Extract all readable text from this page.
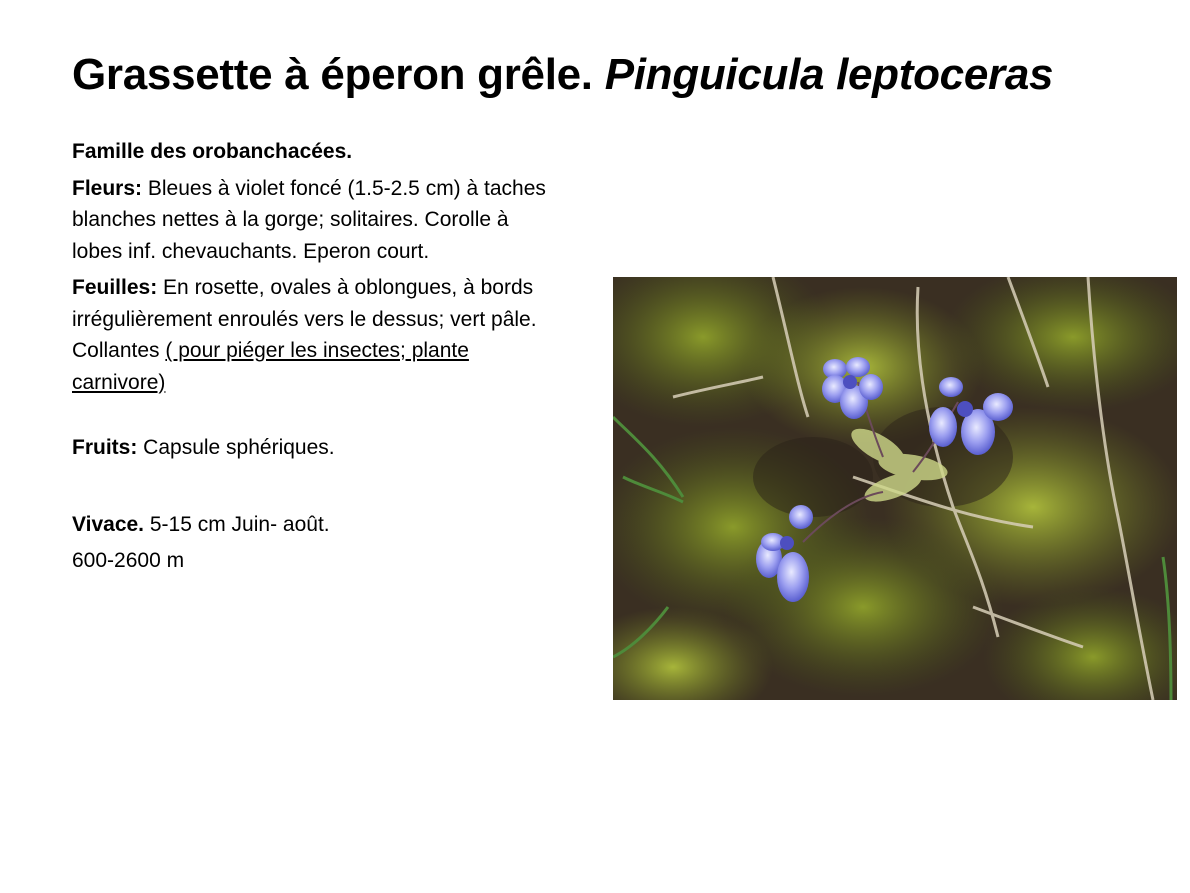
Grassette à éperon grêle. Pinguicula leptoceras

Famille des orobanchacées.

Fleurs: Bleues à violet foncé (1.5-2.5 cm) à taches blanches nettes à la gorge; solitaires. Corolle à lobes inf. chevauchants. Eperon court.

Feuilles: En rosette, ovales à oblongues, à bords irrégulièrement enroulés vers le dessus; vert pâle. Collantes ( pour piéger les insectes; plante carnivore)

Fruits: Capsule sphériques.

Vivace. 5-15 cm Juin- août.

600-2600 m
